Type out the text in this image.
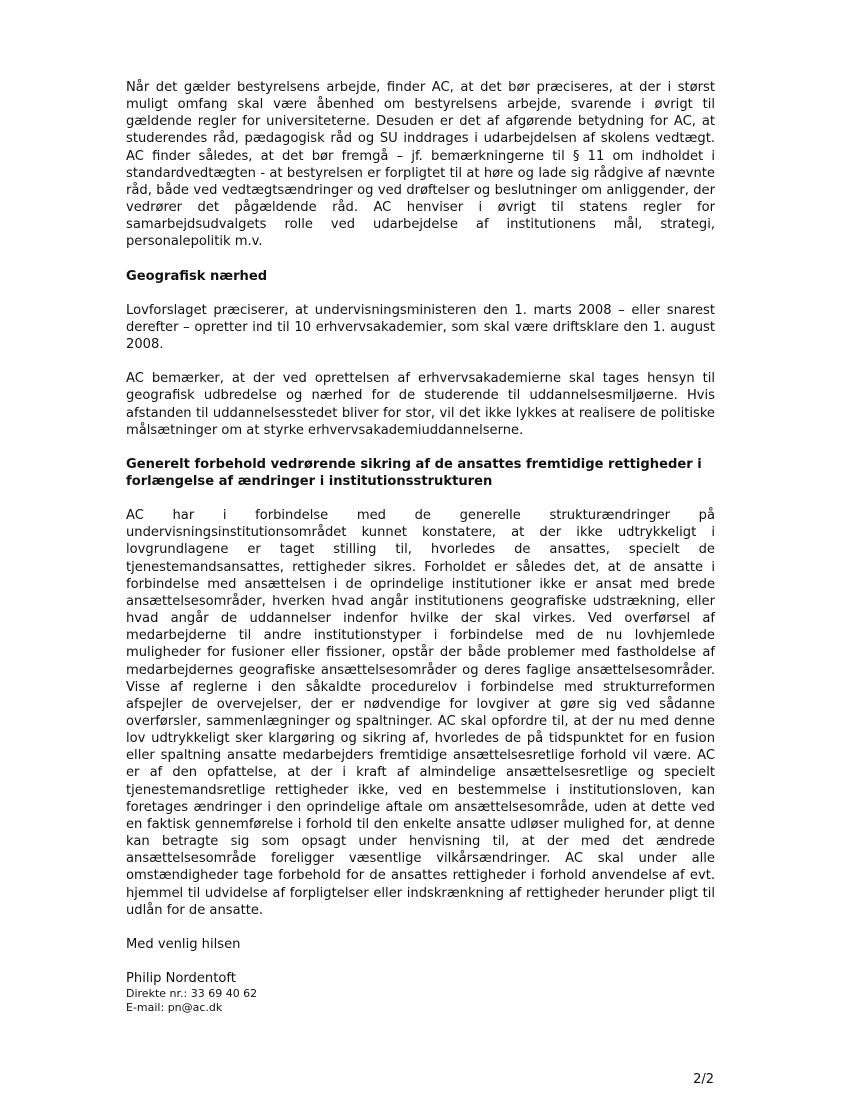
Når det gælder bestyrelsens arbejde, finder AC, at det bør præciseres, at der i størst muligt omfang skal være åbenhed om bestyrelsens arbejde, svarende i øvrigt til gældende regler for universiteterne. Desuden er det af afgørende betydning for AC, at studerendes råd, pædagogisk råd og SU inddrages i udarbejdelsen af skolens vedtægt. AC finder således, at det bør fremgå – jf. bemærkningerne til § 11 om indholdet i standardvedtægten - at bestyrelsen er forpligtet til at høre og lade sig rådgive af nævnte råd, både ved vedtægtsændringer og ved drøftelser og beslutninger om anliggender, der vedrører det pågældende råd. AC henviser i øvrigt til statens regler for samarbejdsudvalgets rolle ved udarbejdelse af institutionens mål, strategi, personalepolitik m.v.

Geografisk nærhed

Lovforslaget præciserer, at undervisningsministeren den 1. marts 2008 – eller snarest derefter – opretter ind til 10 erhvervsakademier, som skal være driftsklare den 1. august 2008.

AC bemærker, at der ved oprettelsen af erhvervsakademierne skal tages hensyn til geografisk udbredelse og nærhed for de studerende til uddannelsesmiljøerne. Hvis afstanden til uddannelsesstedet bliver for stor, vil det ikke lykkes at realisere de politiske målsætninger om at styrke erhvervsakademiuddannelserne.

Generelt forbehold vedrørende sikring af de ansattes fremtidige rettigheder i forlængelse af ændringer i institutionsstrukturen

AC har i forbindelse med de generelle strukturændringer på undervisningsinstitutionsområdet kunnet konstatere, at der ikke udtrykkeligt i lovgrundlagene er taget stilling til, hvorledes de ansattes, specielt de tjenestemandsansattes, rettigheder sikres. Forholdet er således det, at de ansatte i forbindelse med ansættelsen i de oprindelige institutioner ikke er ansat med brede ansættelsesområder, hverken hvad angår institutionens geografiske udstrækning, eller hvad angår de uddannelser indenfor hvilke der skal virkes. Ved overførsel af medarbejderne til andre institutionstyper i forbindelse med de nu lovhjemlede muligheder for fusioner eller fissioner, opstår der både problemer med fastholdelse af medarbejdernes geografiske ansættelsesområder og deres faglige ansættelsesområder. Visse af reglerne i den såkaldte procedurelov i forbindelse med strukturreformen afspejler de overvejelser, der er nødvendige for lovgiver at gøre sig ved sådanne overførsler, sammenlægninger og spaltninger. AC skal opfordre til, at der nu med denne lov udtrykkeligt sker klargøring og sikring af, hvorledes de på tidspunktet for en fusion eller spaltning ansatte medarbejders fremtidige ansættelsesretlige forhold vil være. AC er af den opfattelse, at der i kraft af almindelige ansættelsesretlige og specielt tjenestemandsretlige rettigheder ikke, ved en bestemmelse i institutionsloven, kan foretages ændringer i den oprindelige aftale om ansættelsesområde, uden at dette ved en faktisk gennemførelse i forhold til den enkelte ansatte udløser mulighed for, at denne kan betragte sig som opsagt under henvisning til, at der med det ændrede ansættelsesområde foreligger væsentlige vilkårsændringer. AC skal under alle omstændigheder tage forbehold for de ansattes rettigheder i forhold anvendelse af evt. hjemmel til udvidelse af forpligtelser eller indskrænkning af rettigheder herunder pligt til udlån for de ansatte.

Med venlig hilsen

Philip Nordentoft

Direkte nr.: 33 69 40 62

E-mail: pn@ac.dk

2/2
